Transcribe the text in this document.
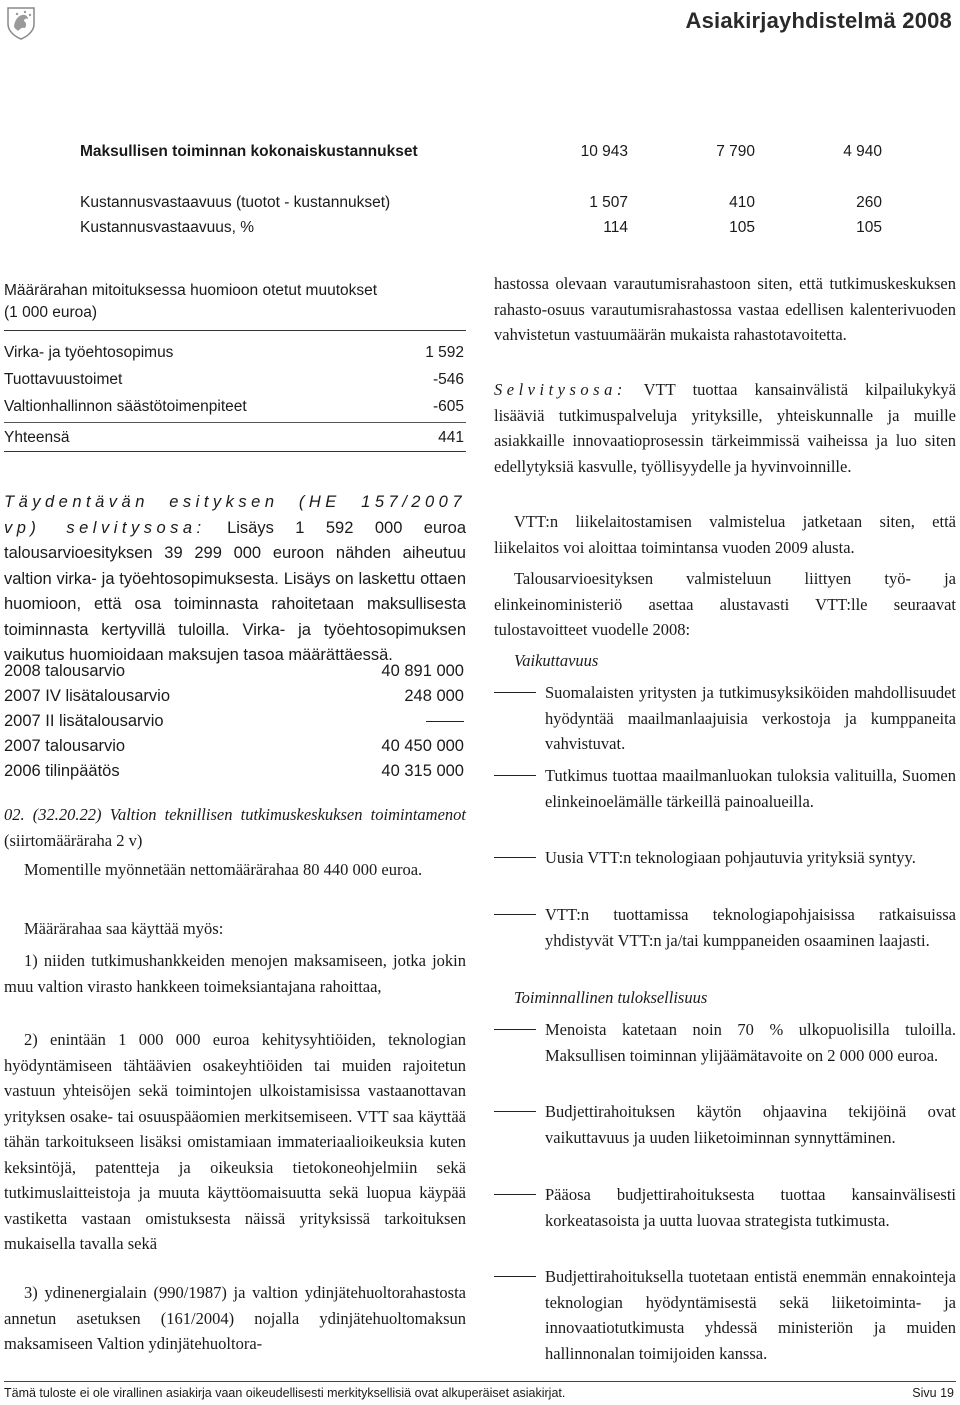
Asiakirjayhdistelmä 2008
Maksullisen toiminnan kokonaiskustannukset	10 943	7 790	4 940
Kustannusvastaavuus (tuotot - kustannukset)	1 507	410	260
Kustannusvastaavuus, %	114	105	105
Määrärahan mitoituksessa huomioon otetut muutokset
(1 000 euroa)
Virka- ja työehtosopimus	1 592
Tuottavuustoimet	-546
Valtionhallinnon säästötoimenpiteet	-605
Yhteensä	441

Täydentävän esityksen (HE 157/2007 vp) selvitysosa: Lisäys 1 592 000 euroa talousarvioesityksen 39 299 000 euroon nähden aiheutuu valtion virka- ja työehtosopimuksesta. Lisäys on laskettu ottaen huomioon, että osa toiminnasta rahoitetaan maksullisesta toiminnasta kertyvillä tuloilla. Virka- ja työehtosopimuksen vaikutus huomioidaan maksujen tasoa määrättäessä.

2008 talousarvio	40 891 000
2007 IV lisätalousarvio	248 000
2007 II lisätalousarvio
2007 talousarvio	40 450 000
2006 tilinpäätös	40 315 000

02. (32.20.22) Valtion teknillisen tutkimuskeskuksen toimintamenot (siirtomääräraha 2 v)

Momentille myönnetään nettomäärärahaa 80 440 000 euroa.

Määrärahaa saa käyttää myös:

1) niiden tutkimushankkeiden menojen maksamiseen, jotka jokin muu valtion virasto hankkeen toimeksiantajana rahoittaa,

2) enintään 1 000 000 euroa kehitysyhtiöiden, teknologian hyödyntämiseen tähtäävien osakeyhtiöiden tai muiden rajoitetun vastuun yhteisöjen sekä toimintojen ulkoistamisissa vastaanottavan yrityksen osake- tai osuuspääomien merkitsemiseen. VTT saa käyttää tähän tarkoitukseen lisäksi omistamiaan immateriaalioikeuksia kuten keksintöjä, patentteja ja oikeuksia tietokoneohjelmiin sekä tutkimuslaitteistoja ja muuta käyttöomaisuutta sekä luopua käypää vastiketta vastaan omistuksesta näissä yrityksissä tarkoituksen mukaisella tavalla sekä

3) ydinenergialain (990/1987) ja valtion ydinjätehuoltorahastosta annetun asetuksen (161/2004) nojalla ydinjätehuoltomaksun maksamiseen Valtion ydinjätehuoltora-

hastossa olevaan varautumisrahastoon siten, että tutkimuskeskuksen rahasto-osuus varautumisrahastossa vastaa edellisen kalenterivuoden vahvistetun vastuumäärän mukaista rahastotavoitetta.

Selvitysosa: VTT tuottaa kansainvälistä kilpailukykyä lisääviä tutkimuspalveluja yrityksille, yhteiskunnalle ja muille asiakkaille innovaatioprosessin tärkeimmissä vaiheissa ja luo siten edellytyksiä kasvulle, työllisyydelle ja hyvinvoinnille.

VTT:n liikelaitostamisen valmistelua jatketaan siten, että liikelaitos voi aloittaa toimintansa vuoden 2009 alusta.

Talousarvioesityksen valmisteluun liittyen työ- ja elinkeinoministeriö asettaa alustavasti VTT:lle seuraavat tulostavoitteet vuodelle 2008:

Vaikuttavuus

Suomalaisten yritysten ja tutkimusyksiköiden mahdollisuudet hyödyntää maailmanlaajuisia verkostoja ja kumppaneita vahvistuvat.
Tutkimus tuottaa maailmanluokan tuloksia valituilla, Suomen elinkeinoelämälle tärkeillä painoalueilla.
Uusia VTT:n teknologiaan pohjautuvia yrityksiä syntyy.
VTT:n tuottamissa teknologiapohjaisissa ratkaisuissa yhdistyvät VTT:n ja/tai kumppaneiden osaaminen laajasti.

Toiminnallinen tuloksellisuus

Menoista katetaan noin 70 % ulkopuolisilla tuloilla. Maksullisen toiminnan ylijäämätavoite on 2 000 000 euroa.
Budjettirahoituksen käytön ohjaavina tekijöinä ovat vaikuttavuus ja uuden liiketoiminnan synnyttäminen.
Pääosa budjettirahoituksesta tuottaa kansainvälisesti korkeatasoista ja uutta luovaa strategista tutkimusta.
Budjettirahoituksella tuotetaan entistä enemmän ennakointeja teknologian hyödyntämisestä sekä liiketoiminta- ja innovaatiotutkimusta yhdessä ministeriön ja muiden hallinnonalan toimijoiden kanssa.
Tämä tuloste ei ole virallinen asiakirja vaan oikeudellisesti merkityksellisiä ovat alkuperäiset asiakirjat.	Sivu 19
